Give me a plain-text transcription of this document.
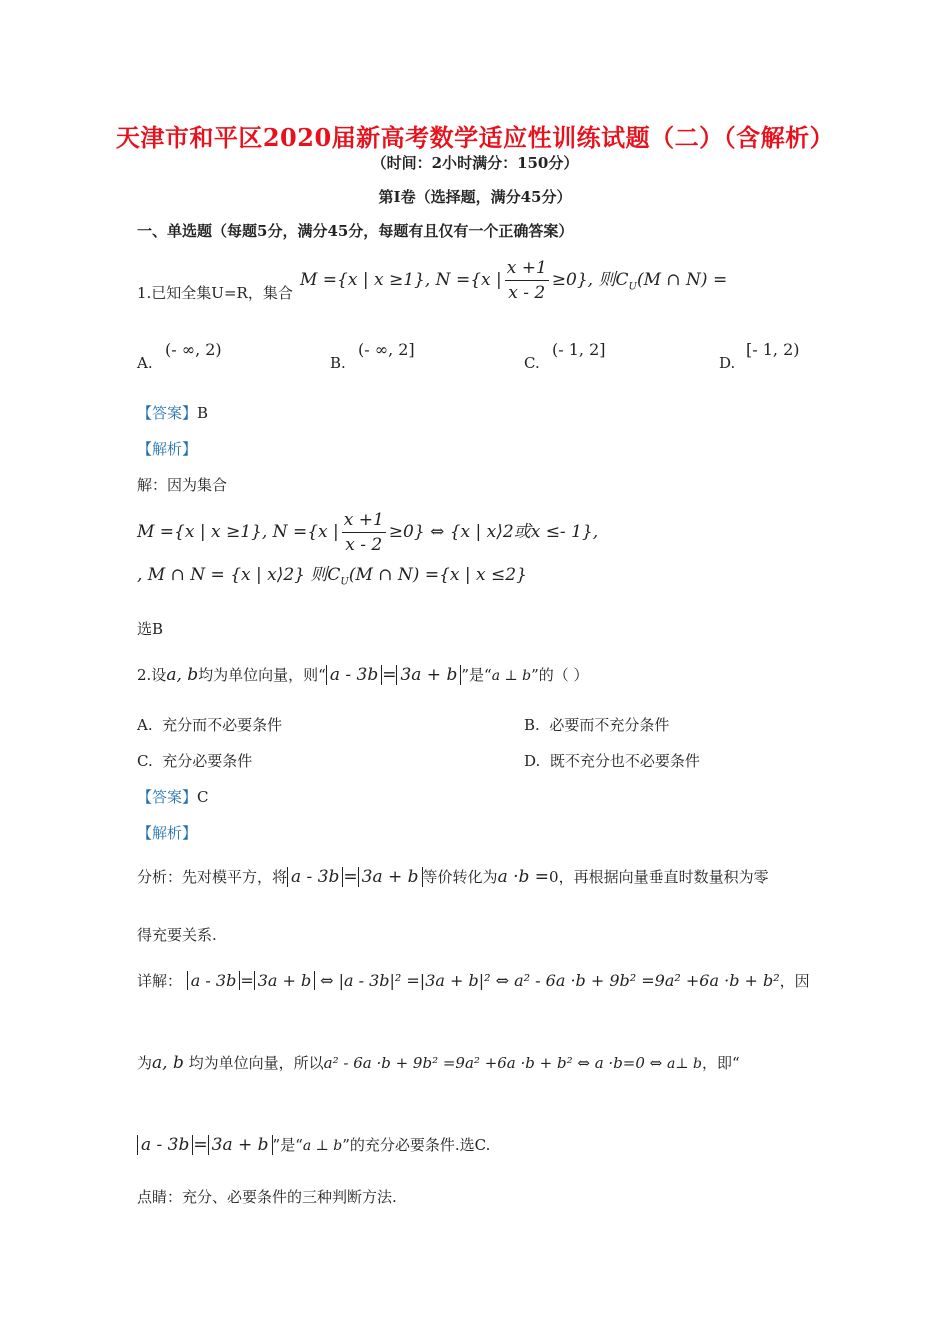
天津市和平区2020届新高考数学适应性训练试题（二）（含解析）
（时间：2小时满分：150分）
第Ⅰ卷（选择题，满分45分）
一、单选题（每题5分，满分45分，每题有且仅有一个正确答案）
1.已知全集U=R，集合
M ={x | x ≥1}, N ={x | $\frac{x +1}{x - 2} \ge 0$}, 则$C_U(M$ ∩ N) =
A.
(- ∞, 2)
B.
(- ∞, 2]
C.
(- 1, 2]
D.
[- 1, 2)
【答案】B
【解析】
解：因为集合
M ={x | x ≥1}, N ={x | $\frac{x +1}{x - 2} \ge 0$} ⇔ {x | x⟩2或x ≤- 1},
, M ∩ N = {x | x⟩2} 则$C_U(M$ ∩ N) ={x | x ≤2}
选B
2.设a, b均为单位向量，则“ a - 3b = 3a + b ”是“a ⊥ b”的（ ）
A. 充分而不必要条件	B. 必要而不充分条件
C. 充分必要条件	D. 既不充分也不必要条件
【答案】C
【解析】
分析：先对模平方，将 a - 3b = 3a + b 等价转化为a ·b =0，再根据向量垂直时数量积为零
得充要关系.
详解： a - 3b = 3a + b ⇔ |a - 3b|² =|3a + b|² ⇔ a² - 6a ·b + 9b² =9a² +6a ·b + b²，因
为a, b 均为单位向量，所以a² - 6a ·b + 9b² =9a² +6a ·b + b² ⇔ a ·b=0 ⇔ a⊥ b，即“
a - 3b = 3a + b ”是“a ⊥ b”的充分必要条件.选C.
点睛：充分、必要条件的三种判断方法.
